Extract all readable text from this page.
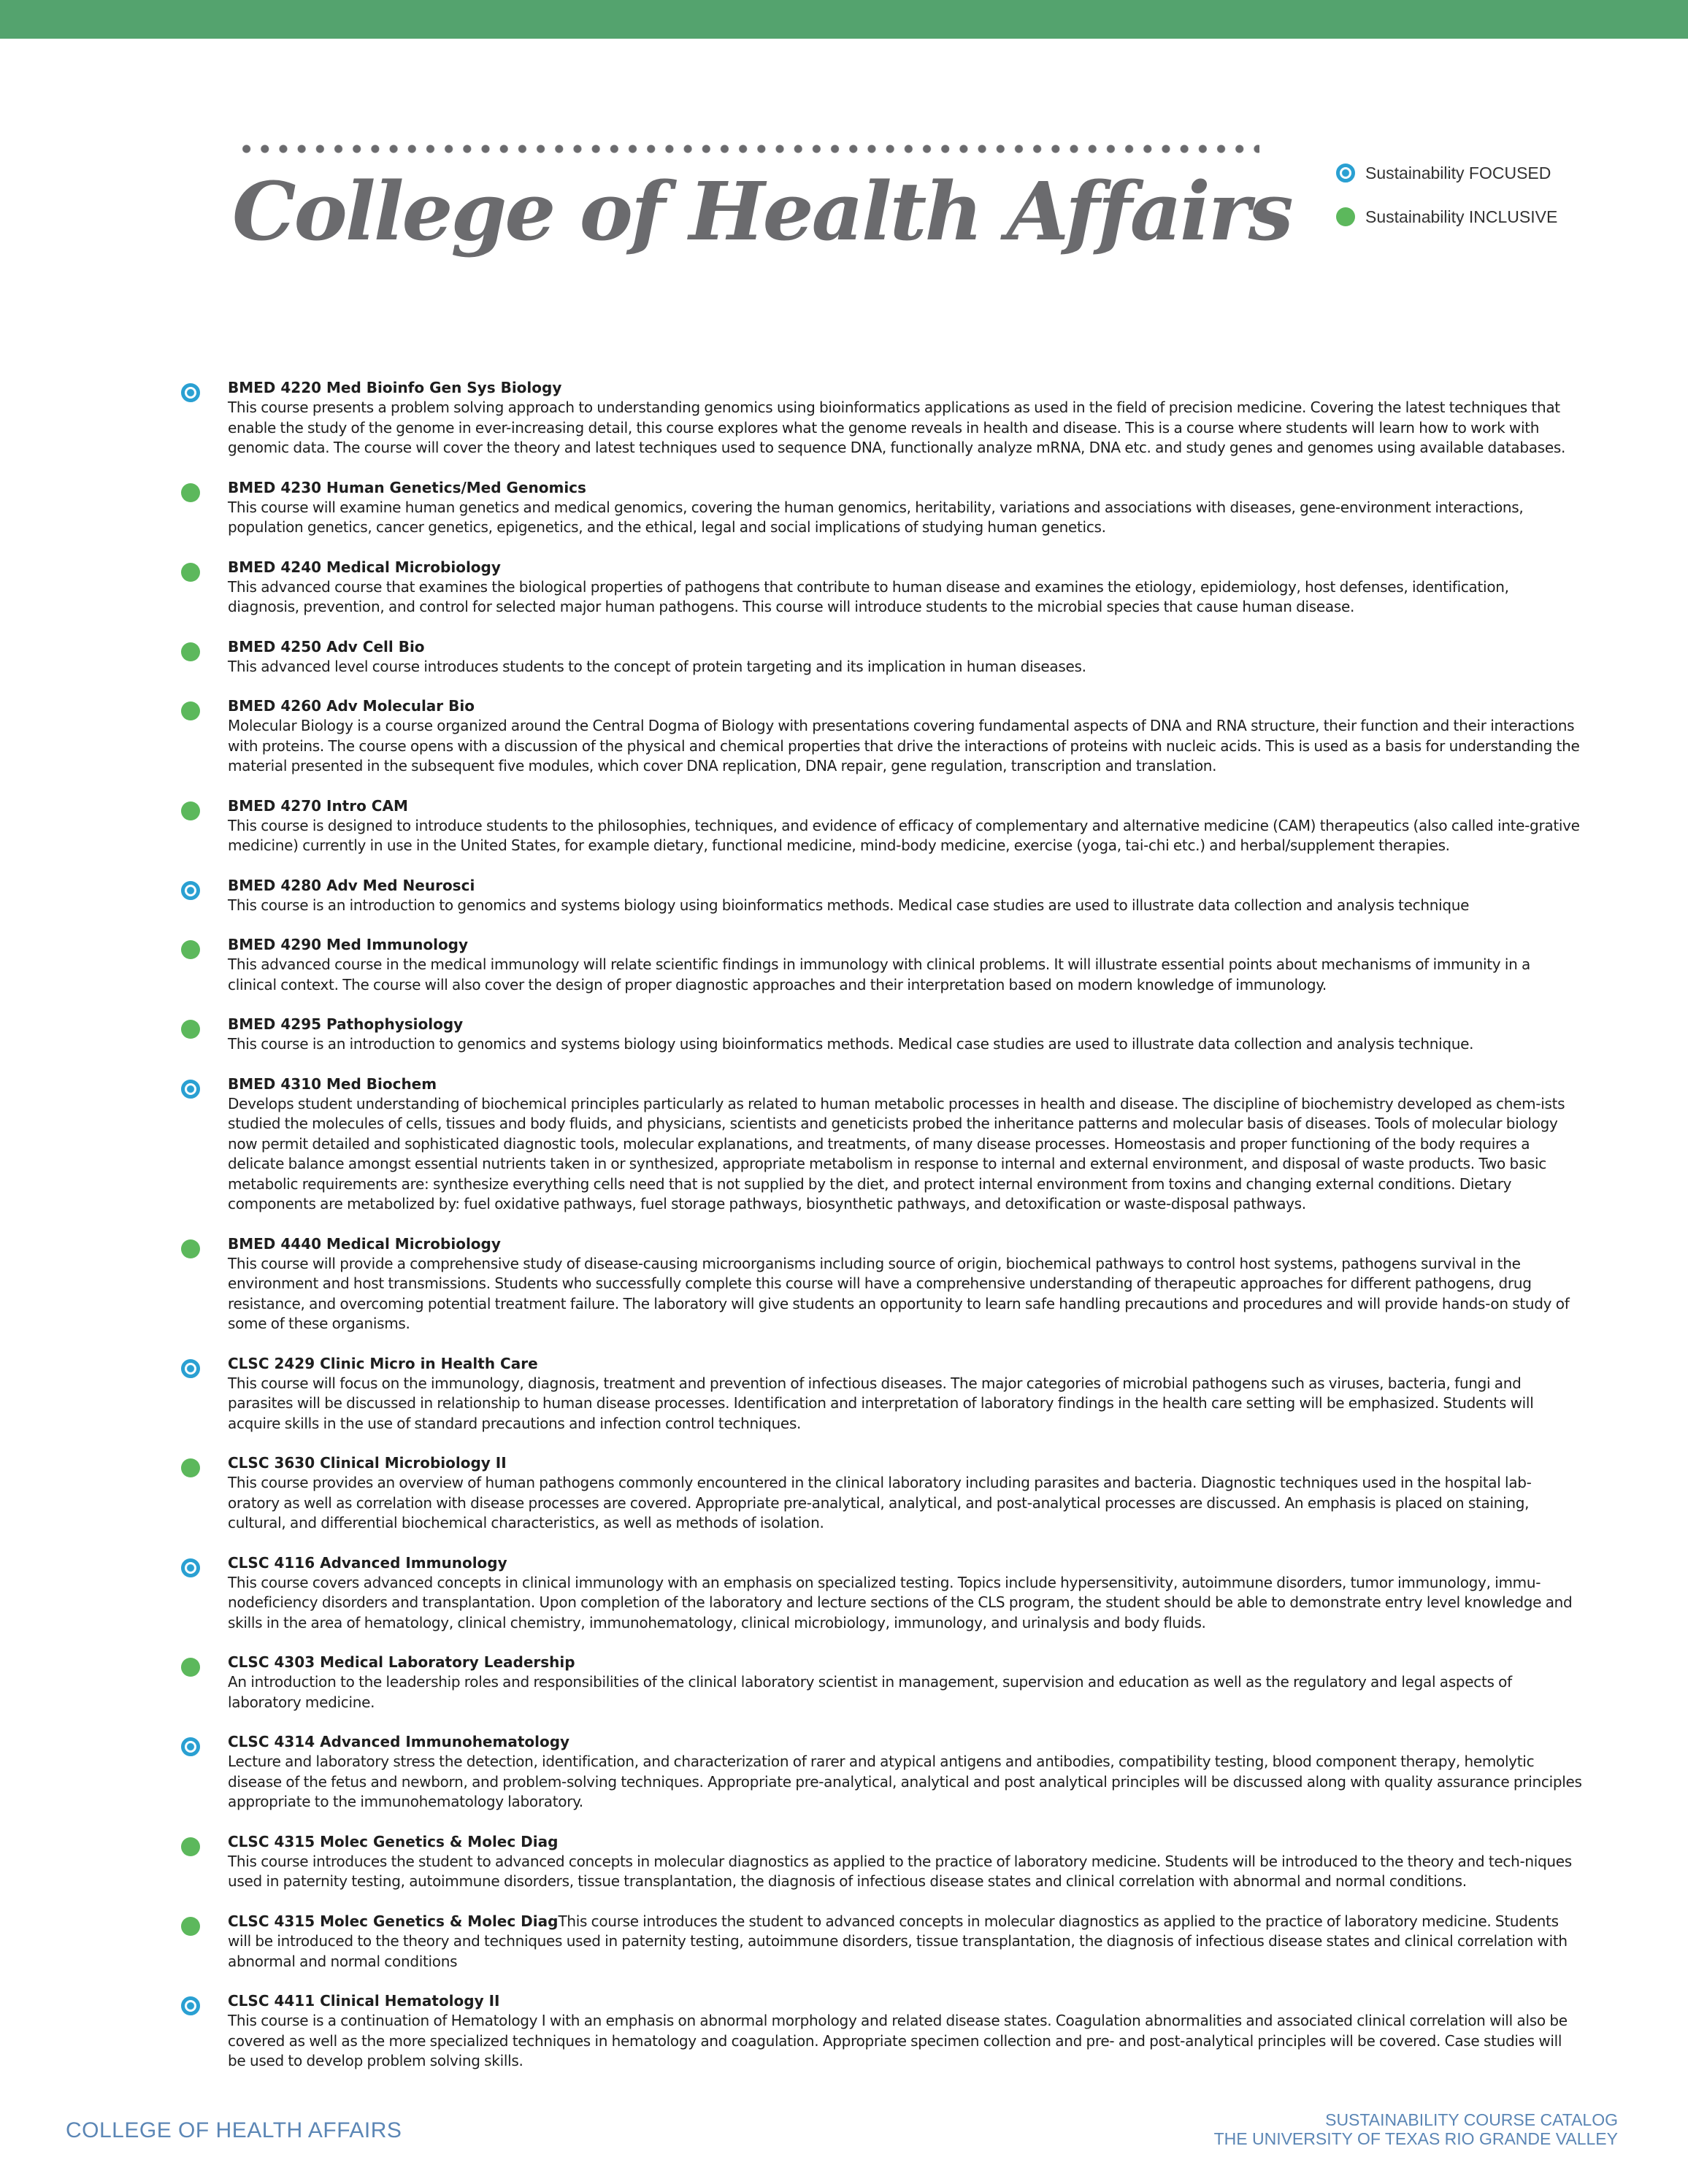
College of Health Affairs	Sustainability FOCUSED
Sustainability INCLUSIVE
BMED 4220 Med Bioinfo Gen Sys Biology
This course presents a problem solving approach to understanding genomics using bioinformatics applications as used in the field of precision medicine. Covering the latest techniques that enable the study of the genome in ever-increasing detail, this course explores what the genome reveals in health and disease. This is a course where students will learn how to work with genomic data. The course will cover the theory and latest techniques used to sequence DNA, functionally analyze mRNA, DNA etc. and study genes and genomes using available databases.
BMED 4230 Human Genetics/Med Genomics
This course will examine human genetics and medical genomics, covering the human genomics, heritability, variations and associations with diseases, gene-environment interactions, population genetics, cancer genetics, epigenetics, and the ethical, legal and social implications of studying human genetics.
BMED 4240 Medical Microbiology
This advanced course that examines the biological properties of pathogens that contribute to human disease and examines the etiology, epidemiology, host defenses, identification, diagnosis, prevention, and control for selected major human pathogens. This course will introduce students to the microbial species that cause human disease.
BMED 4250 Adv Cell Bio
This advanced level course introduces students to the concept of protein targeting and its implication in human diseases.
BMED 4260 Adv Molecular Bio
Molecular Biology is a course organized around the Central Dogma of Biology with presentations covering fundamental aspects of DNA and RNA structure, their function and their interactions with proteins. The course opens with a discussion of the physical and chemical properties that drive the interactions of proteins with nucleic acids. This is used as a basis for understanding the material presented in the subsequent five modules, which cover DNA replication, DNA repair, gene regulation, transcription and translation.
BMED 4270 Intro CAM
This course is designed to introduce students to the philosophies, techniques, and evidence of efficacy of complementary and alternative medicine (CAM) therapeutics (also called inte-grative medicine) currently in use in the United States, for example dietary, functional medicine, mind-body medicine, exercise (yoga, tai-chi etc.) and herbal/supplement therapies.
BMED 4280 Adv Med Neurosci
This course is an introduction to genomics and systems biology using bioinformatics methods. Medical case studies are used to illustrate data collection and analysis technique
BMED 4290 Med Immunology
This advanced course in the medical immunology will relate scientific findings in immunology with clinical problems. It will illustrate essential points about mechanisms of immunity in a clinical context. The course will also cover the design of proper diagnostic approaches and their interpretation based on modern knowledge of immunology.
BMED 4295 Pathophysiology
This course is an introduction to genomics and systems biology using bioinformatics methods. Medical case studies are used to illustrate data collection and analysis technique.
BMED 4310 Med Biochem
Develops student understanding of biochemical principles particularly as related to human metabolic processes in health and disease. The discipline of biochemistry developed as chem-ists studied the molecules of cells, tissues and body fluids, and physicians, scientists and geneticists probed the inheritance patterns and molecular basis of diseases. Tools of molecular biology now permit detailed and sophisticated diagnostic tools, molecular explanations, and treatments, of many disease processes. Homeostasis and proper functioning of the body requires a delicate balance amongst essential nutrients taken in or synthesized, appropriate metabolism in response to internal and external environment, and disposal of waste products. Two basic metabolic requirements are: synthesize everything cells need that is not supplied by the diet, and protect internal environment from toxins and changing external conditions. Dietary components are metabolized by: fuel oxidative pathways, fuel storage pathways, biosynthetic pathways, and detoxification or waste-disposal pathways.
BMED 4440 Medical Microbiology
This course will provide a comprehensive study of disease-causing microorganisms including source of origin, biochemical pathways to control host systems, pathogens survival in the environment and host transmissions. Students who successfully complete this course will have a comprehensive understanding of therapeutic approaches for different pathogens, drug resistance, and overcoming potential treatment failure. The laboratory will give students an opportunity to learn safe handling precautions and procedures and will provide hands-on study of some of these organisms.
CLSC 2429 Clinic Micro in Health Care
This course will focus on the immunology, diagnosis, treatment and prevention of infectious diseases. The major categories of microbial pathogens such as viruses, bacteria, fungi and parasites will be discussed in relationship to human disease processes. Identification and interpretation of laboratory findings in the health care setting will be emphasized. Students will acquire skills in the use of standard precautions and infection control techniques.
CLSC 3630 Clinical Microbiology II
This course provides an overview of human pathogens commonly encountered in the clinical laboratory including parasites and bacteria. Diagnostic techniques used in the hospital lab-oratory as well as correlation with disease processes are covered. Appropriate pre-analytical, analytical, and post-analytical processes are discussed. An emphasis is placed on staining, cultural, and differential biochemical characteristics, as well as methods of isolation.
CLSC 4116 Advanced Immunology
This course covers advanced concepts in clinical immunology with an emphasis on specialized testing. Topics include hypersensitivity, autoimmune disorders, tumor immunology, immu-nodeficiency disorders and transplantation. Upon completion of the laboratory and lecture sections of the CLS program, the student should be able to demonstrate entry level knowledge and skills in the area of hematology, clinical chemistry, immunohematology, clinical microbiology, immunology, and urinalysis and body fluids.
CLSC 4303 Medical Laboratory Leadership
An introduction to the leadership roles and responsibilities of the clinical laboratory scientist in management, supervision and education as well as the regulatory and legal aspects of laboratory medicine.
CLSC 4314 Advanced Immunohematology
Lecture and laboratory stress the detection, identification, and characterization of rarer and atypical antigens and antibodies, compatibility testing, blood component therapy, hemolytic disease of the fetus and newborn, and problem-solving techniques. Appropriate pre-analytical, analytical and post analytical principles will be discussed along with quality assurance principles appropriate to the immunohematology laboratory.
CLSC 4315 Molec Genetics & Molec Diag
This course introduces the student to advanced concepts in molecular diagnostics as applied to the practice of laboratory medicine. Students will be introduced to the theory and tech-niques used in paternity testing, autoimmune disorders, tissue transplantation, the diagnosis of infectious disease states and clinical correlation with abnormal and normal conditions.
CLSC 4315 Molec Genetics & Molec DiagThis course introduces the student to advanced concepts in molecular diagnostics as applied to the practice of laboratory medicine. Students will be introduced to the theory and techniques used in paternity testing, autoimmune disorders, tissue transplantation, the diagnosis of infectious disease states and clinical correlation with abnormal and normal conditions
CLSC 4411 Clinical Hematology II
This course is a continuation of Hematology I with an emphasis on abnormal morphology and related disease states. Coagulation abnormalities and associated clinical correlation will also be covered as well as the more specialized techniques in hematology and coagulation. Appropriate specimen collection and pre- and post-analytical principles will be covered. Case studies will be used to develop problem solving skills.
COLLEGE OF HEALTH AFFAIRS	SUSTAINABILITY COURSE CATALOG
THE UNIVERSITY OF TEXAS RIO GRANDE VALLEY
